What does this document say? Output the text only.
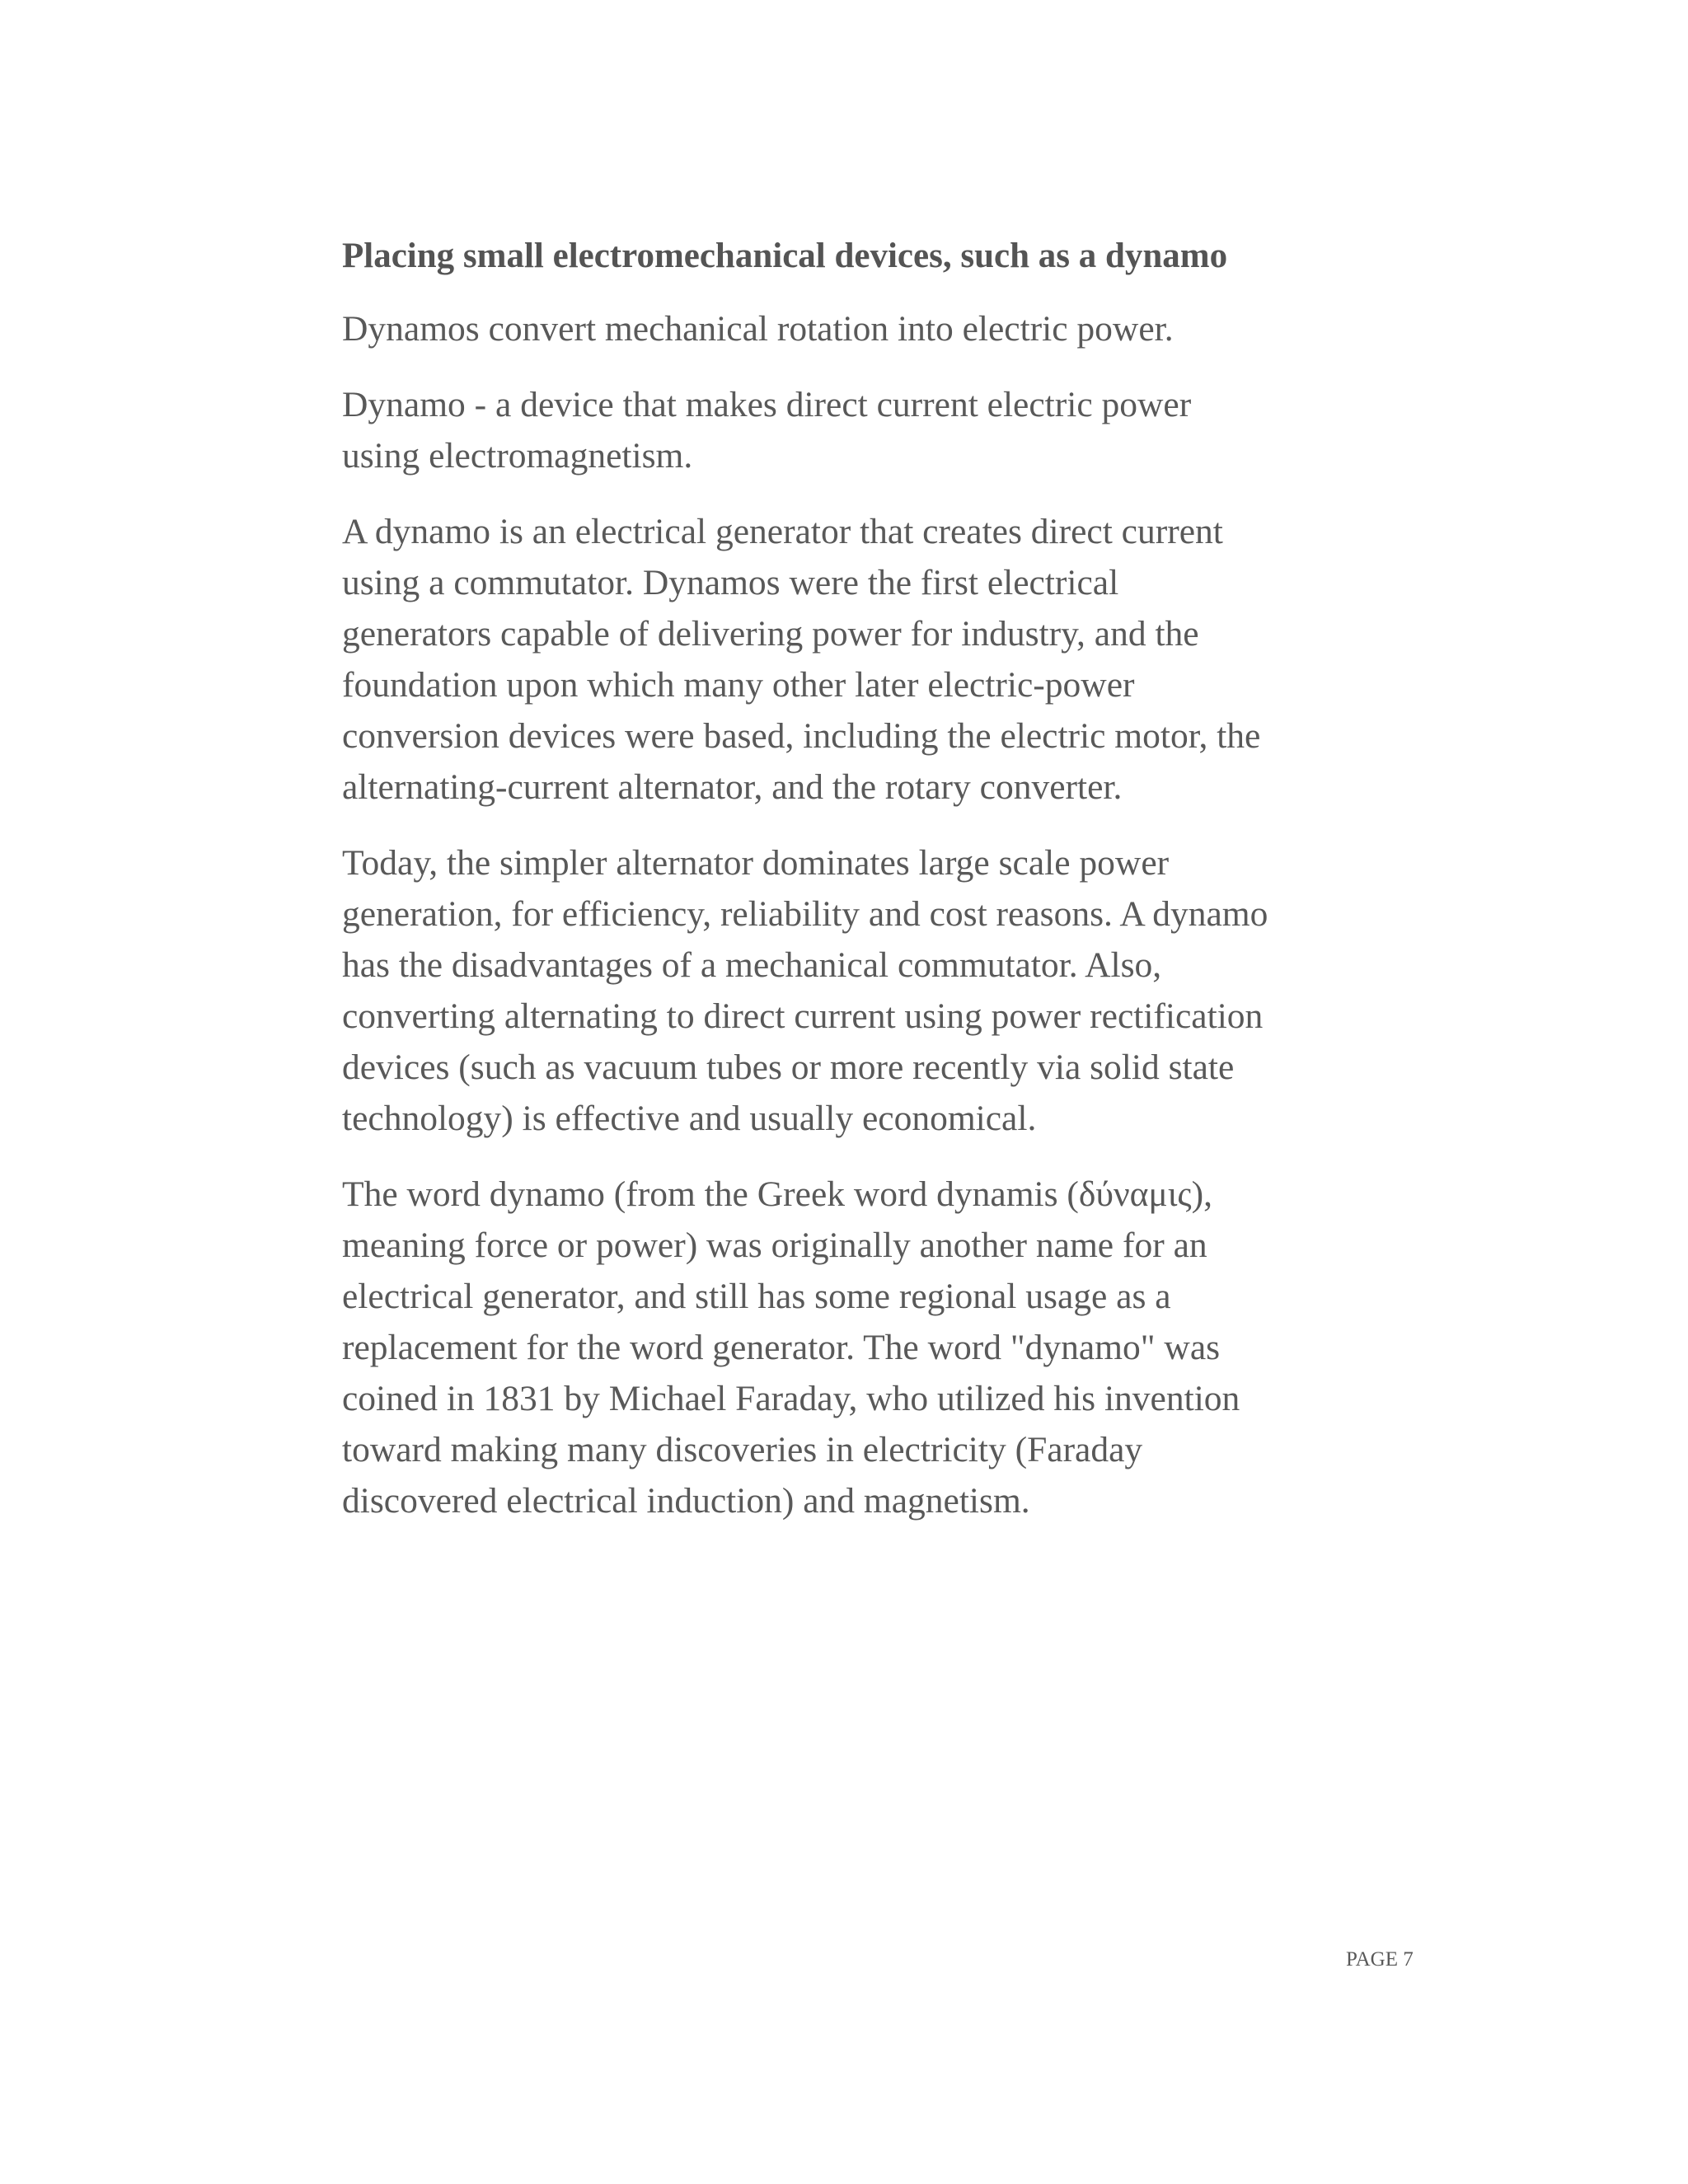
Placing small electromechanical devices, such as a dynamo

Dynamos convert mechanical rotation into electric power.

Dynamo - a device that makes direct current electric power
using electromagnetism.

A dynamo is an electrical generator that creates direct current
using a commutator. Dynamos were the first electrical
generators capable of delivering power for industry, and the
foundation upon which many other later electric-power
conversion devices were based, including the electric motor, the
alternating-current alternator, and the rotary converter.

Today, the simpler alternator dominates large scale power
generation, for efficiency, reliability and cost reasons. A dynamo
has the disadvantages of a mechanical commutator. Also,
converting alternating to direct current using power rectification
devices (such as vacuum tubes or more recently via solid state
technology) is effective and usually economical.

The word dynamo (from the Greek word dynamis (δύναμις),
meaning force or power) was originally another name for an
electrical generator, and still has some regional usage as a
replacement for the word generator. The word "dynamo" was
coined in 1831 by Michael Faraday, who utilized his invention
toward making many discoveries in electricity (Faraday
discovered electrical induction) and magnetism.

PAGE 7
